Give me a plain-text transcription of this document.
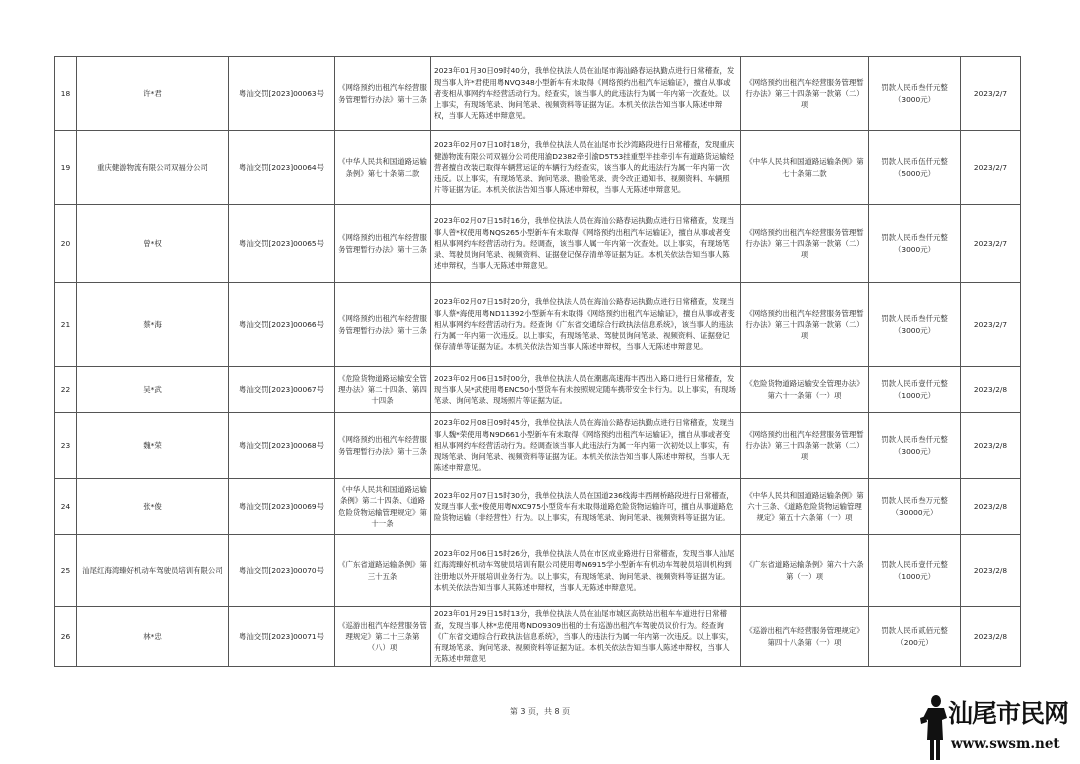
18	许*君	粤汕交罚[2023]00063号	《网络预约出租汽车经营服务管理暂行办法》第十三条	2023年01月30日09时40分，我单位执法人员在汕尾市海汕路春运执勤点进行日常稽查，发现当事人许*君使用粤NVQ348小型新车有未取得《网络预约出租汽车运输证》，擅自从事或者变相从事网约车经营活动行为。经查实，该当事人的此违法行为属一年内第一次查处。以上事实，有现场笔录、询问笔录、视频资料等证据为证。本机关依法告知当事人陈述申辩权，当事人无陈述申辩意见。	《网络预约出租汽车经营服务管理暂行办法》第三十四条第一款第（二）项	罚款人民币叁仟元整（3000元）	2023/2/7
19	重庆健游物流有限公司双福分公司	粤汕交罚[2023]00064号	《中华人民共和国道路运输条例》第七十条第二款	2023年02月07日10时18分，我单位执法人员在汕尾市长沙湾路段进行日常稽查，发现重庆健游物流有限公司双福分公司使用渝D2382牵引渝D5T53挂重型半挂牵引车有道路货运输经营者擅自改装已取得车辆营运证的车辆行为经查实，该当事人的此违法行为属一年内第一次违反。以上事实，有现场笔录、询问笔录、勘验笔录、责令改正通知书、视频资料、车辆照片等证据为证。本机关依法告知当事人陈述申辩权，当事人无陈述申辩意见。	《中华人民共和国道路运输条例》第七十条第二款	罚款人民币伍仟元整（5000元）	2023/2/7
20	曾*权	粤汕交罚[2023]00065号	《网络预约出租汽车经营服务管理暂行办法》第十三条	2023年02月07日15时16分，我单位执法人员在海汕公路春运执勤点进行日常稽查，发现当事人曾*权使用粤NQS265小型新车有未取得《网络预约出租汽车运输证》，擅自从事或者变相从事网约车经营活动行为。经调查，该当事人属一年内第一次查处。以上事实，有现场笔录、驾驶员询问笔录、视频资料、证据登记保存清单等证据为证。本机关依法告知当事人陈述申辩权，当事人无陈述申辩意见。	《网络预约出租汽车经营服务管理暂行办法》第三十四条第一款第（二）项	罚款人民币叁仟元整（3000元）	2023/2/7
21	蔡*海	粤汕交罚[2023]00066号	《网络预约出租汽车经营服务管理暂行办法》第十三条	2023年02月07日15时20分，我单位执法人员在海汕公路春运执勤点进行日常稽查，发现当事人蔡*海使用粤ND11392小型新车有未取得《网络预约出租汽车运输证》，擅自从事或者变相从事网约车经营活动行为。经查询《广东省交通综合行政执法信息系统》，该当事人的违法行为属一年内第一次违反。以上事实，有现场笔录、驾驶员询问笔录、视频资料、证据登记保存清单等证据为证。本机关依法告知当事人陈述申辩权，当事人无陈述申辩意见。	《网络预约出租汽车经营服务管理暂行办法》第三十四条第一款第（二）项	罚款人民币叁仟元整（3000元）	2023/2/7
22	吴*武	粤汕交罚[2023]00067号	《危险货物道路运输安全管理办法》第二十四条、第四十四条	2023年02月06日15时00分，我单位执法人员在潮惠高速海丰西出入路口进行日常稽查，发现当事人吴*武使用粤ENC50小型货车有未按照规定随车携带安全卡行为。以上事实，有现场笔录、询问笔录、现场照片等证据为证。	《危险货物道路运输安全管理办法》第六十一条第（一）项	罚款人民币壹仟元整（1000元）	2023/2/8
23	魏*荣	粤汕交罚[2023]00068号	《网络预约出租汽车经营服务管理暂行办法》第十三条	2023年02月08日09时45分，我单位执法人员在海汕公路春运执勤点进行日常稽查，发现当事人魏*荣使用粤N9D661小型新车有未取得《网络预约出租汽车运输证》，擅自从事或者变相从事网约车经营活动行为。经调查该当事人此违法行为属一年内第一次初处以上事实，有现场笔录、询问笔录、视频资料等证据为证。本机关依法告知当事人陈述申辩权，当事人无陈述申辩意见。	《网络预约出租汽车经营服务管理暂行办法》第三十四条第一款第（二）项	罚款人民币叁仟元整（3000元）	2023/2/8
24	张*俊	粤汕交罚[2023]00069号	《中华人民共和国道路运输条例》第二十四条、《道路危险货物运输管理规定》第十一条	2023年02月07日15时30分，我单位执法人员在国道236线海丰西闸桥路段进行日常稽查，发现当事人张*俊使用粤NXC975小型货车有未取得道路危险货物运输许可，擅自从事道路危险货物运输（非经营性）行为。以上事实，有现场笔录、询问笔录、视频资料等证据为证。	《中华人民共和国道路运输条例》第六十三条、《道路危险货物运输管理规定》第五十六条第（一）项	罚款人民币叁万元整（30000元）	2023/2/8
25	汕尾红海湾臻好机动车驾驶员培训有限公司	粤汕交罚[2023]00070号	《广东省道路运输条例》第三十五条	2023年02月06日15时26分，我单位执法人员在市区成业路进行日常稽查，发现当事人汕尾红海湾臻好机动车驾驶员培训有限公司使用粤N6915学小型新车有机动车驾驶员培训机构到注册地以外开展培训业务行为。以上事实，有现场笔录、询问笔录、视频资料等证据为证。本机关依法告知当事人其陈述申辩权，当事人无陈述申辩意见。	《广东省道路运输条例》第六十六条第（一）项	罚款人民币壹仟元整（1000元）	2023/2/8
26	林*忠	粤汕交罚[2023]00071号	《巡游出租汽车经营服务管理规定》第二十三条第（八）项	2023年01月29日15时13分，我单位执法人员在汕尾市城区高铁站出租车车道进行日常稽查，发现当事人林*忠使用粤ND09309出租的士有巡游出租汽车驾驶员议价行为。经查询《广东省交通综合行政执法信息系统》，当事人的违法行为属一年内第一次违反。以上事实，有现场笔录、询问笔录、视频资料等证据为证。本机关依法告知当事人陈述申辩权，当事人无陈述申辩意见	《巡游出租汽车经营服务管理规定》第四十八条第（一）项	罚款人民币贰佰元整（200元）	2023/2/8
第 3 页，共 8 页	汕尾市民网
www.swsm.net
